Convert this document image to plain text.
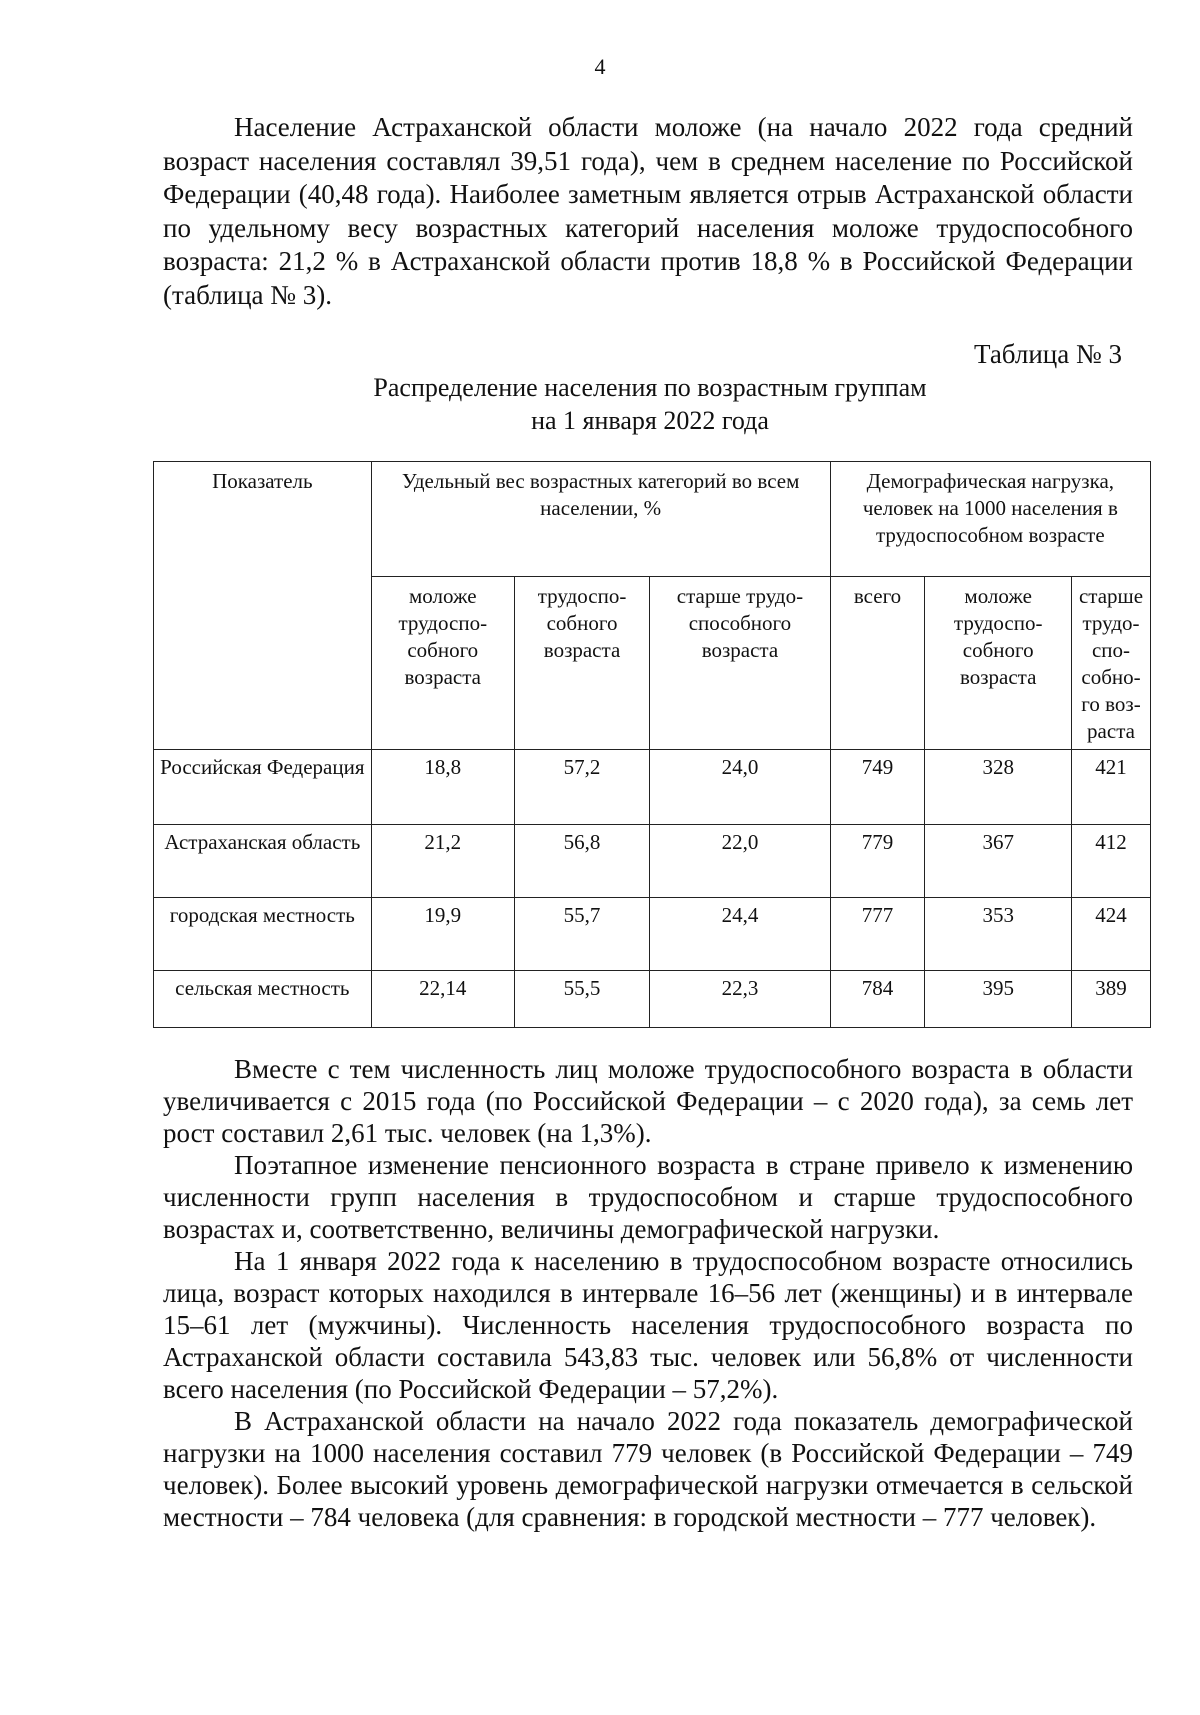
4

Население Астраханской области моложе (на начало 2022 года средний возраст населения составлял 39,51 года), чем в среднем население по Российской Федерации (40,48 года). Наиболее заметным является отрыв Астраханской области по удельному весу возрастных категорий населения моложе трудоспособного возраста: 21,2 % в Астраханской области против 18,8 % в Российской Федерации (таблица № 3).

Таблица № 3
Распределение населения по возрастным группам
на 1 января 2022 года
Показатель	Удельный вес возрастных категорий во всем населении, %			Демографическая нагрузка, человек на 1000 населения в трудоспособном возрасте		
	моложе трудоспо- собного возраста	трудоспо- собного возраста	старше трудо- способного возраста	всего	моложе трудоспо- собного возраста	старше трудо- спо- собно- го воз- раста
Российская Федерация	18,8	57,2	24,0	749	328	421
Астраханская область	21,2	56,8	22,0	779	367	412
городская местность	19,9	55,7	24,4	777	353	424
сельская местность	22,14	55,5	22,3	784	395	389

Вместе с тем численность лиц моложе трудоспособного возраста в области увеличивается с 2015 года (по Российской Федерации – с 2020 года), за семь лет рост составил 2,61 тыс. человек (на 1,3%).

Поэтапное изменение пенсионного возраста в стране привело к изменению численности групп населения в трудоспособном и старше трудоспособного возрастах и, соответственно, величины демографической нагрузки.

На 1 января 2022 года к населению в трудоспособном возрасте относились лица, возраст которых находился в интервале 16–56 лет (женщины) и в интервале 15–61 лет (мужчины). Численность населения трудоспособного возраста по Астраханской области составила 543,83 тыс. человек или 56,8% от численности всего населения (по Российской Федерации – 57,2%).

В Астраханской области на начало 2022 года показатель демографической нагрузки на 1000 населения составил 779 человек (в Российской Федерации – 749 человек). Более высокий уровень демографической нагрузки отмечается в сельской местности – 784 человека (для сравнения: в городской местности – 777 человек).
